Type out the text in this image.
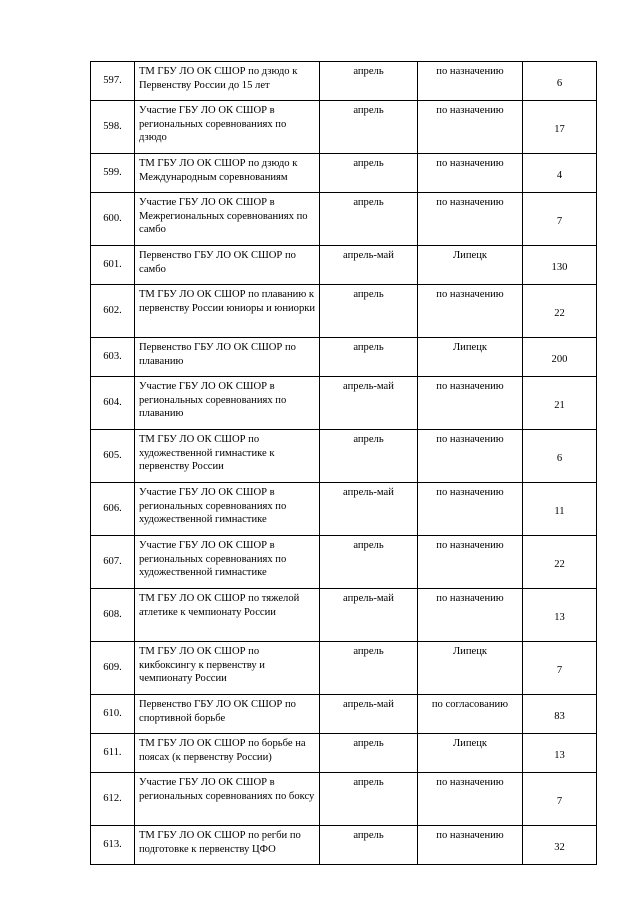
597.	ТМ ГБУ ЛО ОК СШОР по дзюдо к Первенству России до 15 лет	апрель	по назначению	6
598.	Участие ГБУ ЛО ОК СШОР в региональных соревнованиях по дзюдо	апрель	по назначению	17
599.	ТМ ГБУ ЛО ОК СШОР по дзюдо к Международным соревнованиям	апрель	по назначению	4
600.	Участие ГБУ ЛО ОК СШОР в Межрегиональных соревнованиях по самбо	апрель	по назначению	7
601.	Первенство ГБУ ЛО ОК СШОР по самбо	апрель-май	Липецк	130
602.	ТМ ГБУ ЛО ОК СШОР по плаванию к первенству России юниоры и юниорки	апрель	по назначению	22
603.	Первенство ГБУ ЛО ОК СШОР по плаванию	апрель	Липецк	200
604.	Участие ГБУ ЛО ОК СШОР в региональных соревнованиях по плаванию	апрель-май	по назначению	21
605.	ТМ ГБУ ЛО ОК СШОР по художественной гимнастике к первенству России	апрель	по назначению	6
606.	Участие ГБУ ЛО ОК СШОР в региональных соревнованиях по художественной гимнастике	апрель-май	по назначению	11
607.	Участие ГБУ ЛО ОК СШОР в региональных соревнованиях по художественной гимнастике	апрель	по назначению	22
608.	ТМ ГБУ ЛО ОК СШОР по тяжелой атлетике к чемпионату России	апрель-май	по назначению	13
609.	ТМ ГБУ ЛО ОК СШОР по кикбоксингу к первенству и чемпионату России	апрель	Липецк	7
610.	Первенство ГБУ ЛО ОК СШОР по спортивной борьбе	апрель-май	по согласованию	83
611.	ТМ ГБУ ЛО ОК СШОР по борьбе на поясах (к первенству России)	апрель	Липецк	13
612.	Участие ГБУ ЛО ОК СШОР в региональных соревнованиях по боксу	апрель	по назначению	7
613.	ТМ ГБУ ЛО ОК СШОР по регби по подготовке к первенству ЦФО	апрель	по назначению	32
